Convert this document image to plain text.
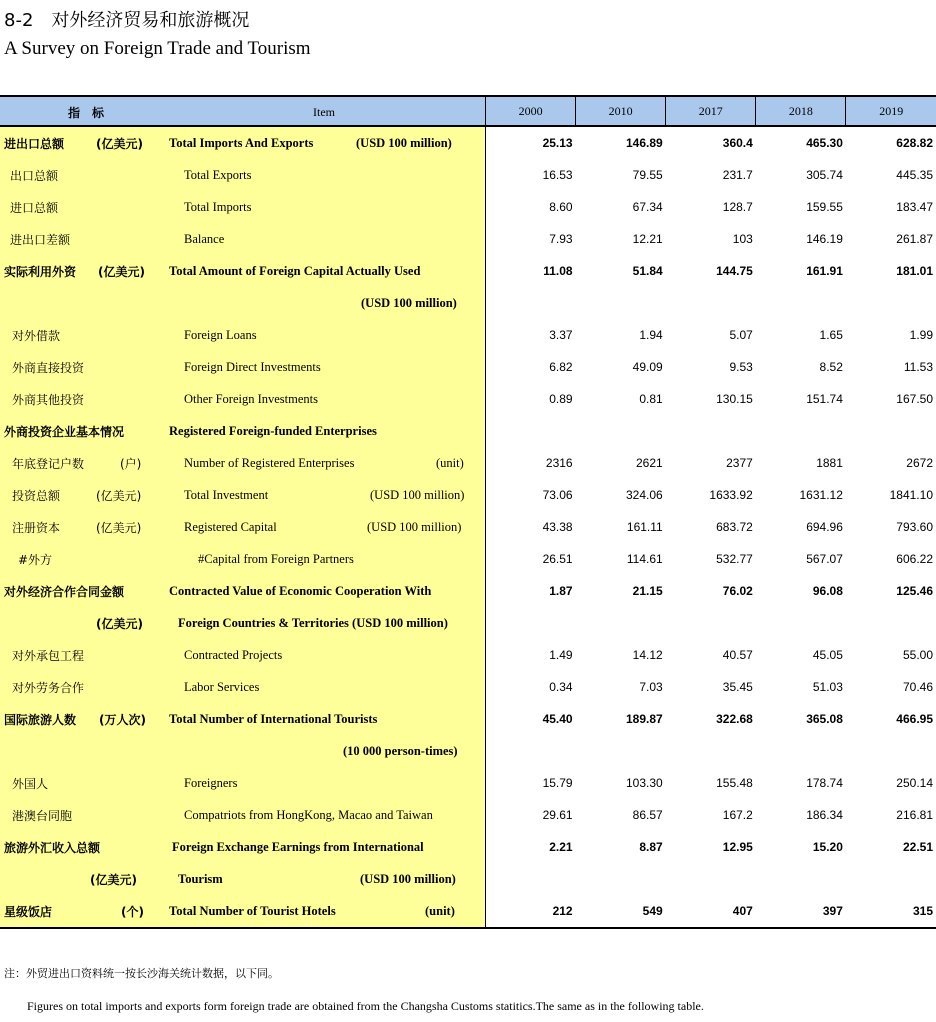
8-2　对外经济贸易和旅游概况
A Survey on Foreign Trade and Tourism
指　标 Item	2000	2010	2017	2018	2019

进出口总额 (亿美元) Total Imports And Exports (USD 100 million)	25.13	146.89	360.4	465.30	628.82

出口总额 Total Exports	16.53	79.55	231.7	305.74	445.35

进口总额 Total Imports	8.60	67.34	128.7	159.55	183.47

进出口差额 Balance	7.93	12.21	103	146.19	261.87

实际利用外资 (亿美元) Total Amount of Foreign Capital Actually Used	11.08	51.84	144.75	161.91	181.01

(USD 100 million)					

对外借款 Foreign Loans	3.37	1.94	5.07	1.65	1.99

外商直接投资 Foreign Direct Investments	6.82	49.09	9.53	8.52	11.53

外商其他投资 Other Foreign Investments	0.89	0.81	130.15	151.74	167.50

外商投资企业基本情况 Registered Foreign-funded Enterprises					

年底登记户数 (户) Number of Registered Enterprises (unit)	2316	2621	2377	1881	2672

投资总额 (亿美元) Total Investment (USD 100 million)	73.06	324.06	1633.92	1631.12	1841.10

注册资本 (亿美元) Registered Capital (USD 100 million)	43.38	161.11	683.72	694.96	793.60

#外方 #Capital from Foreign Partners	26.51	114.61	532.77	567.07	606.22

对外经济合作合同金额 Contracted Value of Economic Cooperation With	1.87	21.15	76.02	96.08	125.46

(亿美元) Foreign Countries & Territories (USD 100 million)					

对外承包工程 Contracted Projects	1.49	14.12	40.57	45.05	55.00

对外劳务合作 Labor Services	0.34	7.03	35.45	51.03	70.46

国际旅游人数 (万人次) Total Number of International Tourists	45.40	189.87	322.68	365.08	466.95

(10 000 person-times)					

外国人 Foreigners	15.79	103.30	155.48	178.74	250.14

港澳台同胞 Compatriots from HongKong, Macao and Taiwan	29.61	86.57	167.2	186.34	216.81

旅游外汇收入总额 Foreign Exchange Earnings from International	2.21	8.87	12.95	15.20	22.51

(亿美元) Tourism (USD 100 million)					

星级饭店 (个) Total Number of Tourist Hotels (unit)	212	549	407	397	315
注：外贸进出口资料统一按长沙海关统计数据，以下同。
Figures on total imports and exports form foreign trade are obtained from the Changsha Customs statitics.The same as in the following table.
